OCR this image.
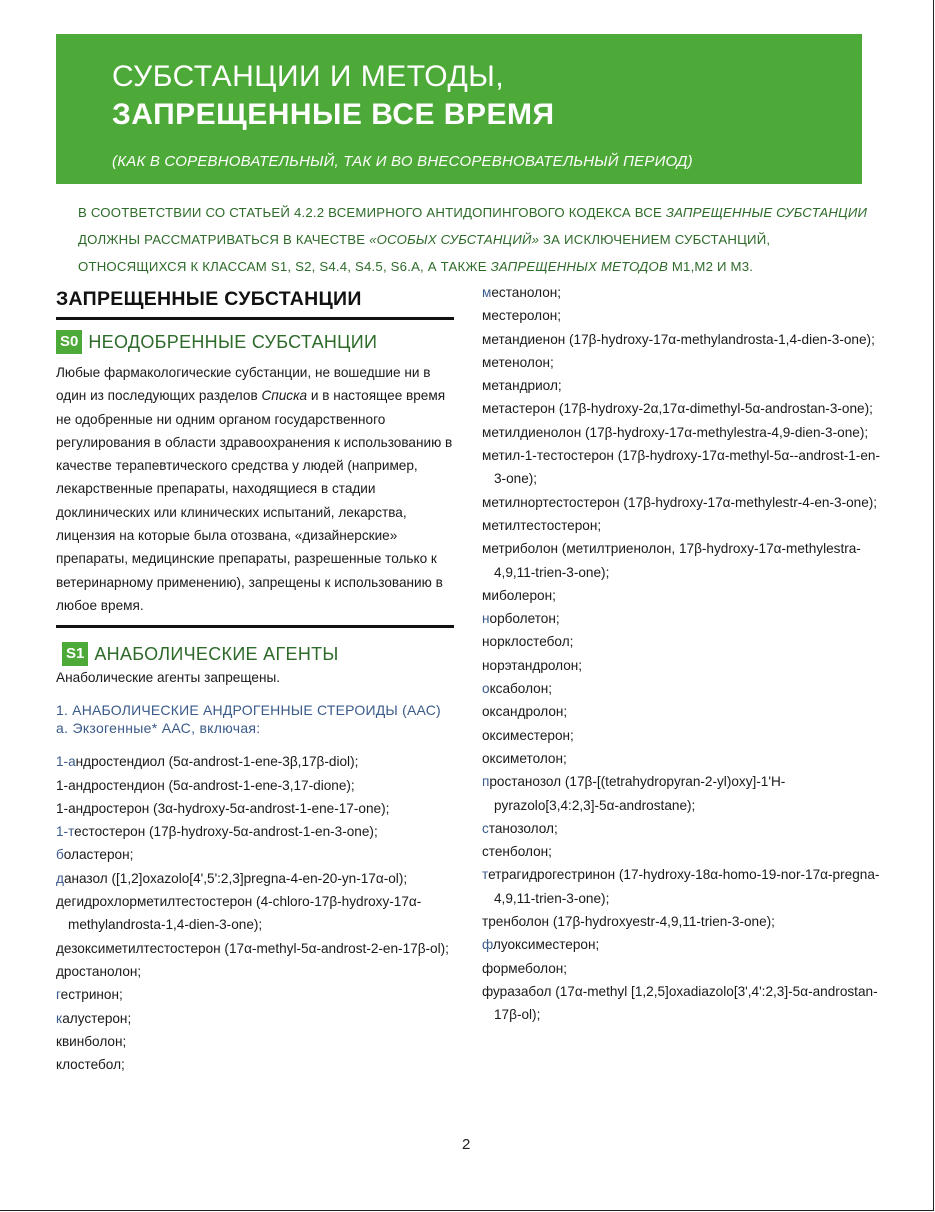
СУБСТАНЦИИ И МЕТОДЫ,
ЗАПРЕЩЕННЫЕ ВСЕ ВРЕМЯ
(КАК В СОРЕВНОВАТЕЛЬНЫЙ, ТАК И ВО ВНЕСОРЕВНОВАТЕЛЬНЫЙ ПЕРИОД)
В СООТВЕТСТВИИ СО СТАТЬЕЙ 4.2.2 ВСЕМИРНОГО АНТИДОПИНГОВОГО КОДЕКСА ВСЕ ЗАПРЕЩЕННЫЕ СУБСТАНЦИИ ДОЛЖНЫ РАССМАТРИВАТЬСЯ В КАЧЕСТВЕ «ОСОБЫХ СУБСТАНЦИЙ» ЗА ИСКЛЮЧЕНИЕМ СУБСТАНЦИЙ, ОТНОСЯЩИХСЯ К КЛАССАМ S1, S2, S4.4, S4.5, S6.А, А ТАКЖЕ ЗАПРЕЩЕННЫХ МЕТОДОВ М1,М2 И М3.
ЗАПРЕЩЕННЫЕ СУБСТАНЦИИ
S0 НЕОДОБРЕННЫЕ СУБСТАНЦИИ
Любые фармакологические субстанции, не вошедшие ни в один из последующих разделов Списка и в настоящее время не одобренные ни одним органом государственного регулирования в области здравоохранения к использованию в качестве терапевтического средства у людей (например, лекарственные препараты, находящиеся в стадии доклинических или клинических испытаний, лекарства, лицензия на которые была отозвана, «дизайнерские» препараты, медицинские препараты, разрешенные только к ветеринарному применению), запрещены к использованию в любое время.
S1 АНАБОЛИЧЕСКИЕ АГЕНТЫ
Анаболические агенты запрещены.
1. АНАБОЛИЧЕСКИЕ АНДРОГЕННЫЕ СТЕРОИДЫ (ААС)
a. Экзогенные* ААС, включая:
1-андростендиол (5α-androst-1-ene-3β,17β-diol);
1-андростендион (5α-androst-1-ene-3,17-dione);
1-андростерон (3α-hydroxy-5α-androst-1-ene-17-one);
1-тестостерон (17β-hydroxy-5α-androst-1-en-3-one);
боластерон;
даназол ([1,2]oxazolo[4',5':2,3]pregna-4-en-20-yn-17α-ol);
дегидрохлорметилтестостерон (4-chloro-17β-hydroxy-17α-methylandrosta-1,4-dien-3-one);
дезоксиметилтестостерон (17α-methyl-5α-androst-2-en-17β-ol);
дростанолон;
гестринон;
калустерон;
квинболон;
клостебол;
местанолон;
местеролон;
метандиенон (17β-hydroxy-17α-methylandrosta-1,4-dien-3-one);
метенолон;
метандриол;
метастерон (17β-hydroxy-2α,17α-dimethyl-5α-androstan-3-one);
метилдиенолон (17β-hydroxy-17α-methylestra-4,9-dien-3-one);
метил-1-тестостерон (17β-hydroxy-17α-methyl-5α--androst-1-en-3-one);
метилнортестостерон (17β-hydroxy-17α-methylestr-4-en-3-one);
метилтестостерон;
метриболон (метилтриенолон, 17β-hydroxy-17α-methylestra-4,9,11-trien-3-one);
миболерон;
норболетон;
норклостебол;
норэтандролон;
оксаболон;
оксандролон;
оксиместерон;
оксиметолон;
простанозол (17β-[(tetrahydropyran-2-yl)oxy]-1'H-pyrazolo[3,4:2,3]-5α-androstane);
станозолол;
стенболон;
тетрагидрогестринон (17-hydroxy-18α-homo-19-nor-17α-pregna-4,9,11-trien-3-one);
тренболон (17β-hydroxyestr-4,9,11-trien-3-one);
флуоксиместерон;
формеболон;
фуразабол (17α-methyl [1,2,5]oxadiazolo[3',4':2,3]-5α-androstan-17β-ol);
2
